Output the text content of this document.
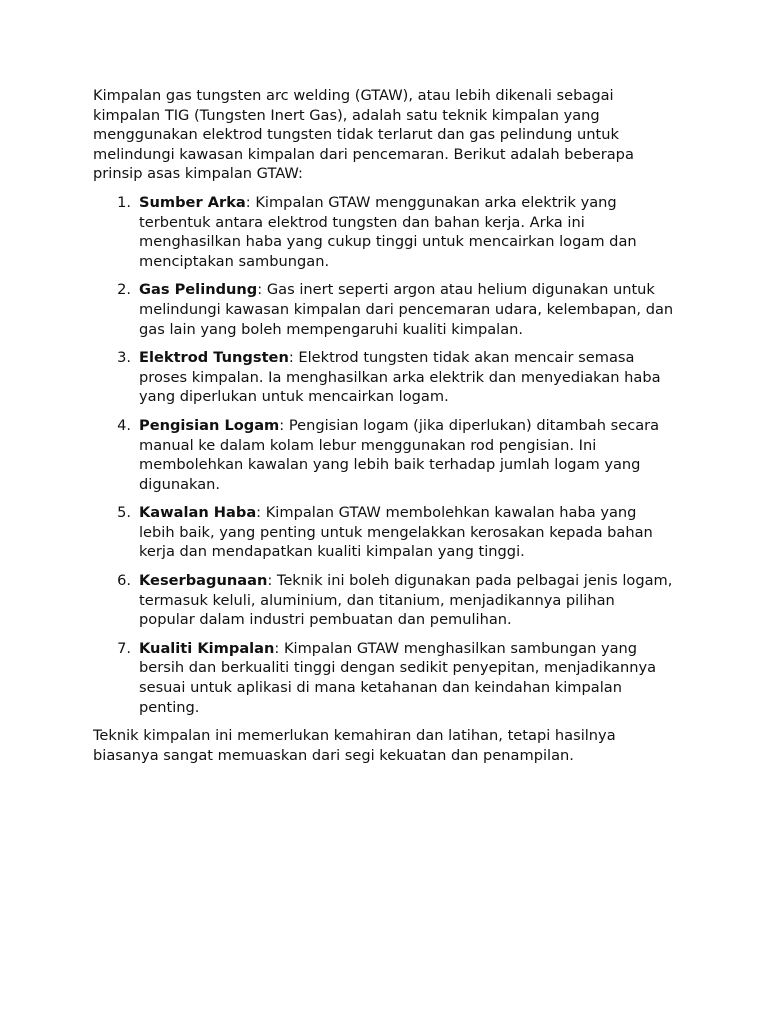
Kimpalan gas tungsten arc welding (GTAW), atau lebih dikenali sebagai kimpalan TIG (Tungsten Inert Gas), adalah satu teknik kimpalan yang menggunakan elektrod tungsten tidak terlarut dan gas pelindung untuk melindungi kawasan kimpalan dari pencemaran. Berikut adalah beberapa prinsip asas kimpalan GTAW:

1. Sumber Arka: Kimpalan GTAW menggunakan arka elektrik yang terbentuk antara elektrod tungsten dan bahan kerja. Arka ini menghasilkan haba yang cukup tinggi untuk mencairkan logam dan menciptakan sambungan.
2. Gas Pelindung: Gas inert seperti argon atau helium digunakan untuk melindungi kawasan kimpalan dari pencemaran udara, kelembapan, dan gas lain yang boleh mempengaruhi kualiti kimpalan.
3. Elektrod Tungsten: Elektrod tungsten tidak akan mencair semasa proses kimpalan. Ia menghasilkan arka elektrik dan menyediakan haba yang diperlukan untuk mencairkan logam.
4. Pengisian Logam: Pengisian logam (jika diperlukan) ditambah secara manual ke dalam kolam lebur menggunakan rod pengisian. Ini membolehkan kawalan yang lebih baik terhadap jumlah logam yang digunakan.
5. Kawalan Haba: Kimpalan GTAW membolehkan kawalan haba yang lebih baik, yang penting untuk mengelakkan kerosakan kepada bahan kerja dan mendapatkan kualiti kimpalan yang tinggi.
6. Keserbagunaan: Teknik ini boleh digunakan pada pelbagai jenis logam, termasuk keluli, aluminium, dan titanium, menjadikannya pilihan popular dalam industri pembuatan dan pemulihan.
7. Kualiti Kimpalan: Kimpalan GTAW menghasilkan sambungan yang bersih dan berkualiti tinggi dengan sedikit penyepitan, menjadikannya sesuai untuk aplikasi di mana ketahanan dan keindahan kimpalan penting.

Teknik kimpalan ini memerlukan kemahiran dan latihan, tetapi hasilnya biasanya sangat memuaskan dari segi kekuatan dan penampilan.
